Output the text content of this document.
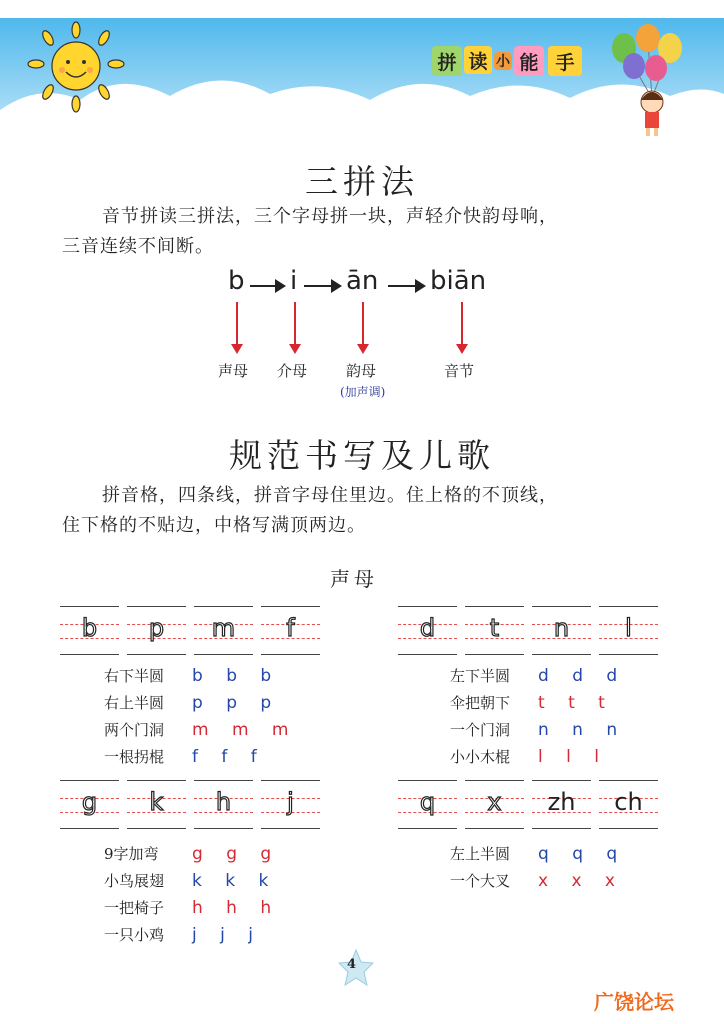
拼 读 小 能 手
三拼法
音节拼读三拼法，三个字母拼一块，声轻介快韵母响，
三音连续不间断。
b i ān biān
声母 介母	韵母
(加声调)
音节
规范书写及儿歌
拼音格，四条线，拼音字母住里边。住上格的不顶线，
住下格的不贴边，中格写满顶两边。
声母
b	p	m	f
右下半圆	b b b
右上半圆	p p p
两个门洞	m m m
一根拐棍	f f f
d	t	n	l
左下半圆	d d d
伞把朝下	t t t
一个门洞	n n n
小小木棍	l l l
g	k	h	j
9字加弯	g g g
小鸟展翅	k k k
一把椅子	h h h
一只小鸡	j j j
q	x	zh	ch
左上半圆	q q q
一个大叉	x x x
4
广饶论坛
